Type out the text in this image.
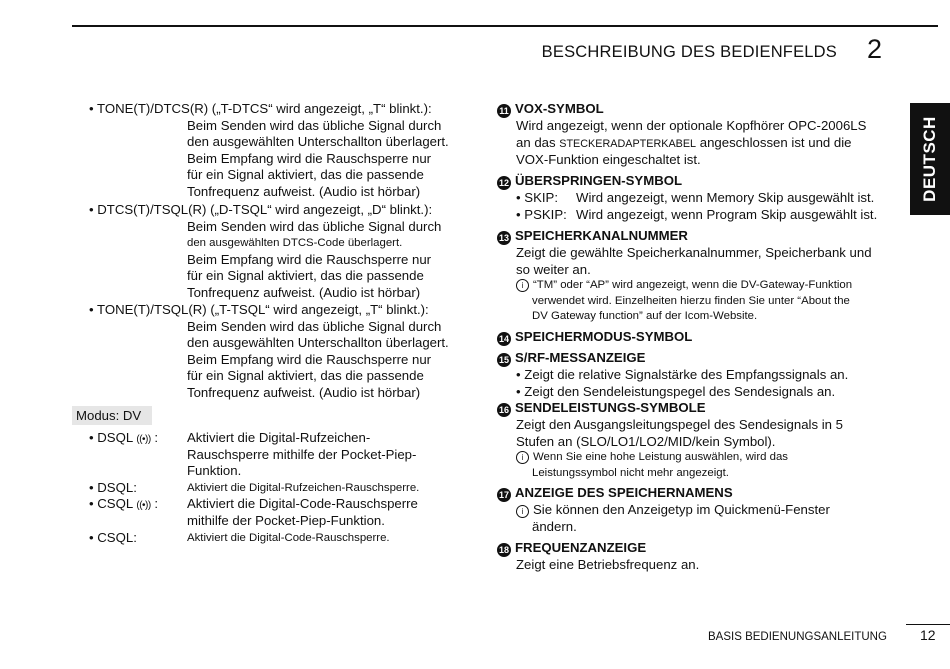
BESCHREIBUNG DES BEDIENFELDS 2
DEUTSCH
• TONE(T)/DTCS(R) („T-DTCS“ wird angezeigt, „T“ blinkt.):
Beim Senden wird das übliche Signal durch
den ausgewählten Unterschallton überlagert.
Beim Empfang wird die Rauschsperre nur
für ein Signal aktiviert, das die passende
Tonfrequenz aufweist. (Audio ist hörbar)
• DTCS(T)/TSQL(R) („D-TSQL“ wird angezeigt, „D“ blinkt.):
Beim Senden wird das übliche Signal durch
den ausgewählten DTCS-Code überlagert.
Beim Empfang wird die Rauschsperre nur
für ein Signal aktiviert, das die passende
Tonfrequenz aufweist. (Audio ist hörbar)
• TONE(T)/TSQL(R) („T-TSQL“ wird angezeigt, „T“ blinkt.):
Beim Senden wird das übliche Signal durch
den ausgewählten Unterschallton überlagert.
Beim Empfang wird die Rauschsperre nur
für ein Signal aktiviert, das die passende
Tonfrequenz aufweist. (Audio ist hörbar)
Modus: DV
• DSQL ((•)) : Aktiviert die Digital-Rufzeichen-
Rauschsperre mithilfe der Pocket-Piep-
Funktion.
• DSQL:	Aktiviert die Digital-Rufzeichen-Rauschsperre.
• CSQL ((•)) : Aktiviert die Digital-Code-Rauschsperre
mithilfe der Pocket-Piep-Funktion.
• CSQL:	Aktiviert die Digital-Code-Rauschsperre.
11 VOX-SYMBOL
Wird angezeigt, wenn der optionale Kopfhörer OPC-2006LS
an das STECKERADAPTERKABEL angeschlossen ist und die
VOX-Funktion eingeschaltet ist.
12 ÜBERSPRINGEN-SYMBOL
• SKIP: Wird angezeigt, wenn Memory Skip ausgewählt ist.
• PSKIP: Wird angezeigt, wenn Program Skip ausgewählt ist.
13 SPEICHERKANALNUMMER
Zeigt die gewählte Speicherkanalnummer, Speicherbank und
so weiter an.
i “TM” oder “AP” wird angezeigt, wenn die DV-Gateway-Funktion
verwendet wird. Einzelheiten hierzu finden Sie unter “About the
DV Gateway function” auf der Icom-Website.
14 SPEICHERMODUS-SYMBOL
15 S/RF-MESSANZEIGE
• Zeigt die relative Signalstärke des Empfangssignals an.
• Zeigt den Sendeleistungspegel des Sendesignals an.
16 SENDELEISTUNGS-SYMBOLE
Zeigt den Ausgangsleitungspegel des Sendesignals in 5
Stufen an (SLO/LO1/LO2/MID/kein Symbol).
i Wenn Sie eine hohe Leistung auswählen, wird das
Leistungssymbol nicht mehr angezeigt.
17 ANZEIGE DES SPEICHERNAMENS
i Sie können den Anzeigetyp im Quickmenü-Fenster
ändern.
18 FREQUENZANZEIGE
Zeigt eine Betriebsfrequenz an.
BASIS BEDIENUNGSANLEITUNG 12
